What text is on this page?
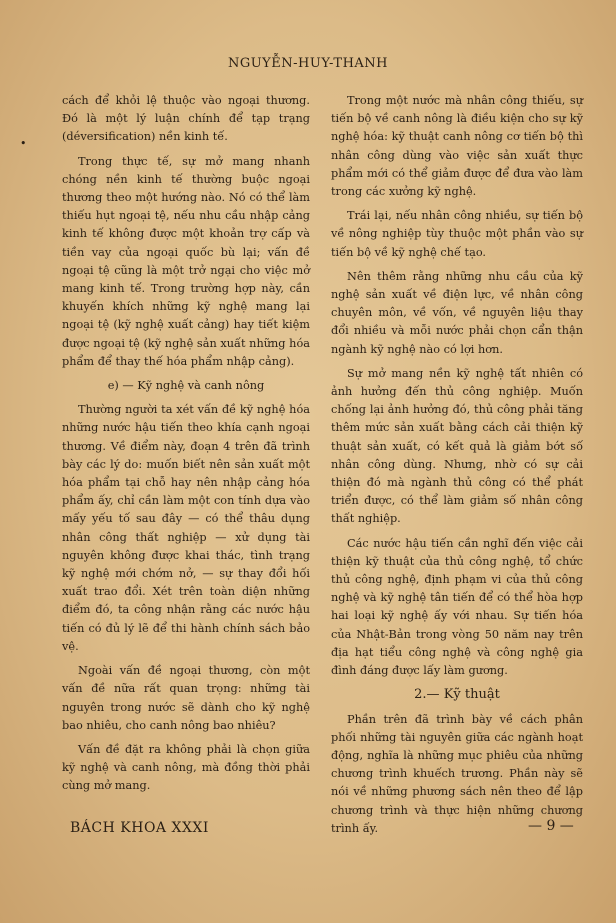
NGUYỄN-HUY-THANH
•

cách để khỏi lệ thuộc vào ngoại thương. Đó là một lý luận chính để tạp trạng (déversification) nền kinh tế.

Trong thực tế, sự mở mang nhanh chóng nền kinh tế thường buộc ngoại thương theo một hướng nào. Nó có thể làm thiếu hụt ngoại tệ, nếu nhu cầu nhập cảng kinh tế không được một khoản trợ cấp và tiền vay của ngoại quốc bù lại; vấn đề ngoại tệ cũng là một trở ngại cho việc mở mang kinh tế. Trong trường hợp này, cần khuyến khích những kỹ nghệ mang lại ngoại tệ (kỹ nghệ xuất cảng) hay tiết kiệm được ngoại tệ (kỹ nghệ sản xuất những hóa phẩm để thay thế hóa phẩm nhập cảng).

e) — Kỹ nghệ và canh nông

Thường người ta xét vấn đề kỹ nghệ hóa những nước hậu tiến theo khía cạnh ngoại thương. Về điểm này, đoạn 4 trên đã trình bày các lý do: muốn biết nên sản xuất một hóa phẩm tại chỗ hay nên nhập cảng hóa phẩm ấy, chỉ cần làm một con tính dựa vào mấy yếu tố sau đây — có thể thâu dụng nhân công thất nghiệp — xử dụng tài nguyên không được khai thác, tình trạng kỹ nghệ mới chớm nở, — sự thay đổi hối xuất trao đổi. Xét trên toàn diện những điểm đó, ta công nhận rằng các nước hậu tiến có đủ lý lẽ để thi hành chính sách bảo vệ.

Ngoài vấn đề ngoại thương, còn một vấn đề nữa rất quan trọng: những tài nguyên trong nước sẽ dành cho kỹ nghệ bao nhiêu, cho canh nông bao nhiêu?

Vấn đề đặt ra không phải là chọn giữa kỹ nghệ và canh nông, mà đồng thời phải cùng mở mang.

Trong một nước mà nhân công thiếu, sự tiến bộ về canh nông là điều kiện cho sự kỹ nghệ hóa: kỹ thuật canh nông cơ tiến bộ thì nhân công dùng vào việc sản xuất thực phẩm mới có thể giảm được để đưa vào làm trong các xưởng kỹ nghệ.

Trái lại, nếu nhân công nhiều, sự tiến bộ về nông nghiệp tùy thuộc một phần vào sự tiến bộ về kỹ nghệ chế tạo.

Nên thêm rằng những nhu cầu của kỹ nghệ sản xuất về điện lực, về nhân công chuyên môn, về vốn, về nguyên liệu thay đổi nhiều và mỗi nước phải chọn cẩn thận ngành kỹ nghệ nào có lợi hơn.

Sự mở mang nền kỹ nghệ tất nhiên có ảnh hưởng đến thủ công nghiệp. Muốn chống lại ảnh hưởng đó, thủ công phải tăng thêm mức sản xuất bằng cách cải thiện kỹ thuật sản xuất, có kết quả là giảm bớt số nhân công dùng. Nhưng, nhờ có sự cải thiện đó mà ngành thủ công có thể phát triển được, có thể làm giảm số nhân công thất nghiệp.

Các nước hậu tiến cần nghĩ đến việc cải thiện kỹ thuật của thủ công nghệ, tổ chức thủ công nghệ, định phạm vi của thủ công nghệ và kỹ nghệ tân tiến để có thể hòa hợp hai loại kỹ nghệ ấy với nhau. Sự tiến hóa của Nhật-Bản trong vòng 50 năm nay trên địa hạt tiểu công nghệ và công nghệ gia đình đáng được lấy làm gương.

2.— Kỹ thuật

Phần trên đã trình bày về cách phân phối những tài nguyên giữa các ngành hoạt động, nghĩa là những mục phiêu của những chương trình khuếch trương. Phần này sẽ nói về những phương sách nên theo để lập chương trình và thực hiện những chương trình ấy.

BÁCH KHOA XXXI	— 9 —
